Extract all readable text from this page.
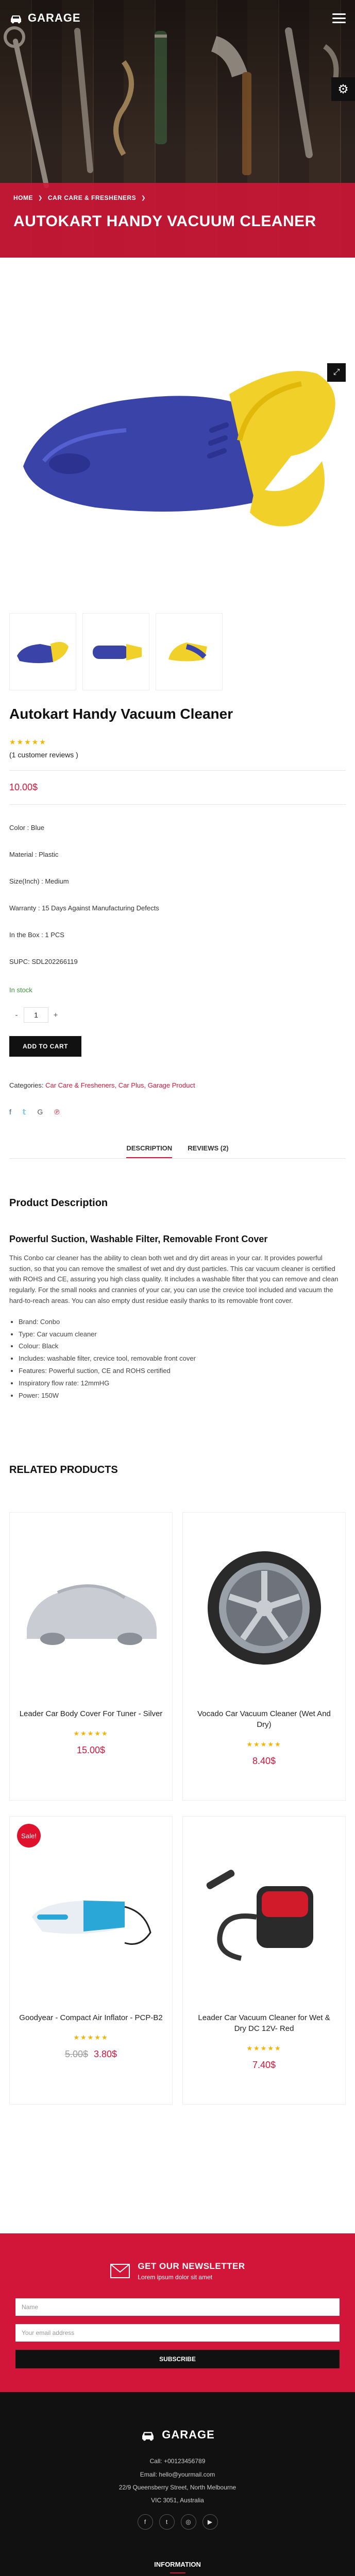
GARAGE
⚙
HOME ❯ CAR CARE & FRESHENERS ❯
AUTOKART HANDY VACUUM CLEANER
⤢
Autokart Handy Vacuum Cleaner
★★★★★
(1 customer reviews )
10.00$
Color : Blue
Material : Plastic
Size(Inch) : Medium
Warranty : 15 Days Against Manufacturing Defects
In the Box : 1 PCS
SUPC: SDL202266119
In stock
-	1	+
ADD TO CART
Categories: Car Care & Fresheners, Car Plus, Garage Product
f 𝕥 G ℗
DESCRIPTION REVIEWS (2)
Product Description
Powerful Suction, Washable Filter, Removable Front Cover

This Conbo car cleaner has the ability to clean both wet and dry dirt areas in your car. It provides powerful suction, so that you can remove the smallest of wet and dry dust particles. This car vacuum cleaner is certified with ROHS and CE, assuring you high class quality. It includes a washable filter that you can remove and clean regularly. For the small nooks and crannies of your car, you can use the crevice tool included and vacuum the hard-to-reach areas. You can also empty dust residue easily thanks to its removable front cover.

• Brand: Conbo
• Type: Car vacuum cleaner
• Colour: Black
• Includes: washable filter, crevice tool, removable front cover
• Features: Powerful suction, CE and ROHS certified
• Inspiratory flow rate: 12mmHG
• Power: 150W
RELATED PRODUCTS
Leader Car Body Cover For Tuner - Silver
★★★★★
15.00$
Vocado Car Vacuum Cleaner (Wet And Dry)
★★★★★
8.40$
Sale!
Goodyear - Compact Air Inflator - PCP-B2
★★★★★
5.00$ 3.80$
Leader Car Vacuum Cleaner for Wet & Dry DC 12V- Red
★★★★★
7.40$
GET OUR NEWSLETTER
Lorem ipsum dolor sit amet
Name
Your email address
SUBSCRIBE
GARAGE
Call: +00123456789
Email: hello@yourmail.com
22/9 Queensberry Street, North Melbourne
VIC 3051, Australia
f	t	◎	▶
INFORMATION
